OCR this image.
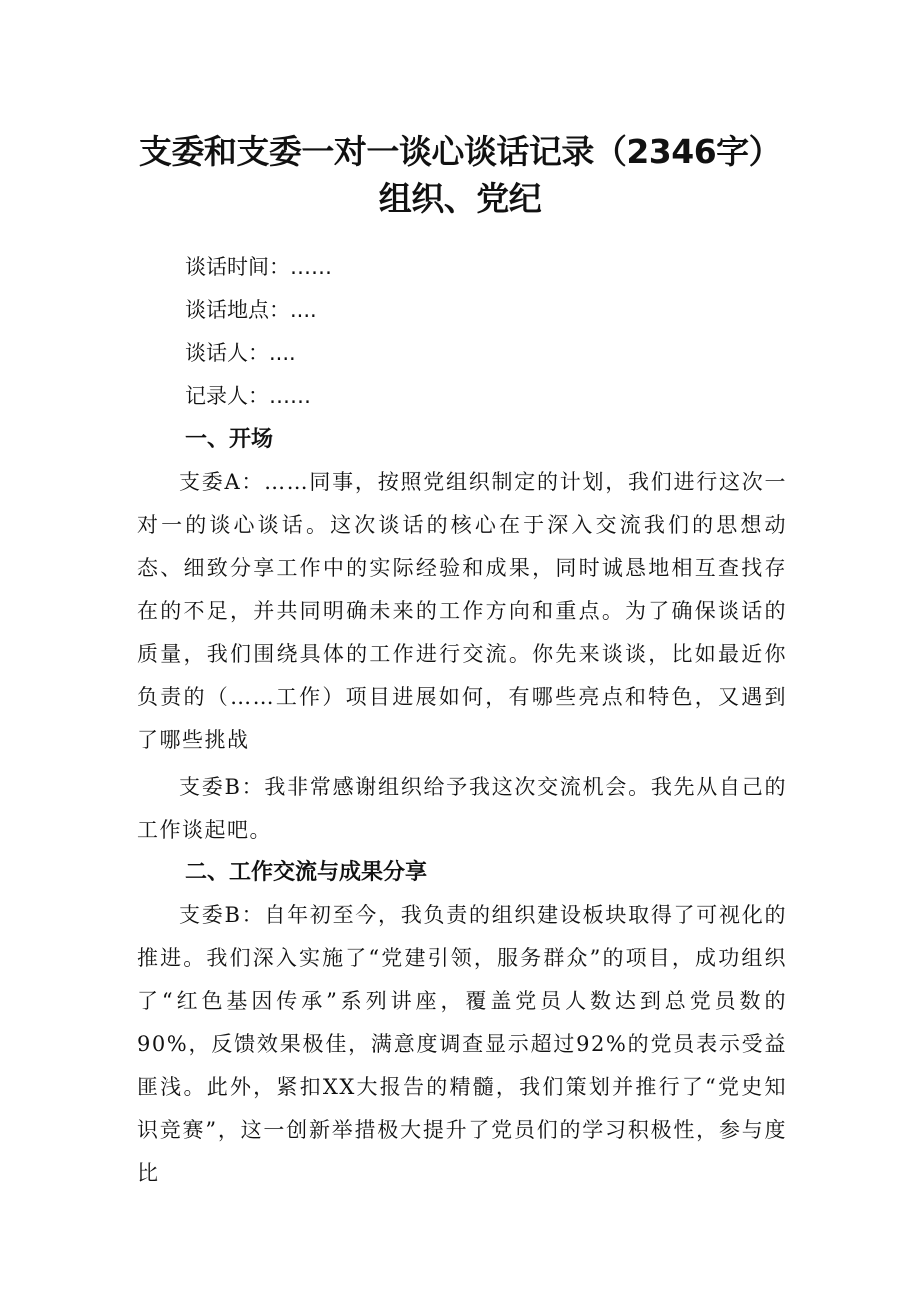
支委和支委一对一谈心谈话记录（2346字）
组织、党纪

谈话时间：……

谈话地点：....

谈话人：....

记录人：……

一、开场

支委A：……同事，按照党组织制定的计划，我们进行这次一对一的谈心谈话。这次谈话的核心在于深入交流我们的思想动态、细致分享工作中的实际经验和成果，同时诚恳地相互查找存在的不足，并共同明确未来的工作方向和重点。为了确保谈话的质量，我们围绕具体的工作进行交流。你先来谈谈，比如最近你负责的（……工作）项目进展如何，有哪些亮点和特色，又遇到了哪些挑战

支委B：我非常感谢组织给予我这次交流机会。我先从自己的工作谈起吧。

二、工作交流与成果分享

支委B：自年初至今，我负责的组织建设板块取得了可视化的推进。我们深入实施了“党建引领，服务群众”的项目，成功组织了“红色基因传承”系列讲座，覆盖党员人数达到总党员数的90%，反馈效果极佳，满意度调查显示超过92%的党员表示受益匪浅。此外，紧扣XX大报告的精髓，我们策划并推行了“党史知识竞赛”，这一创新举措极大提升了党员们的学习积极性，参与度比
